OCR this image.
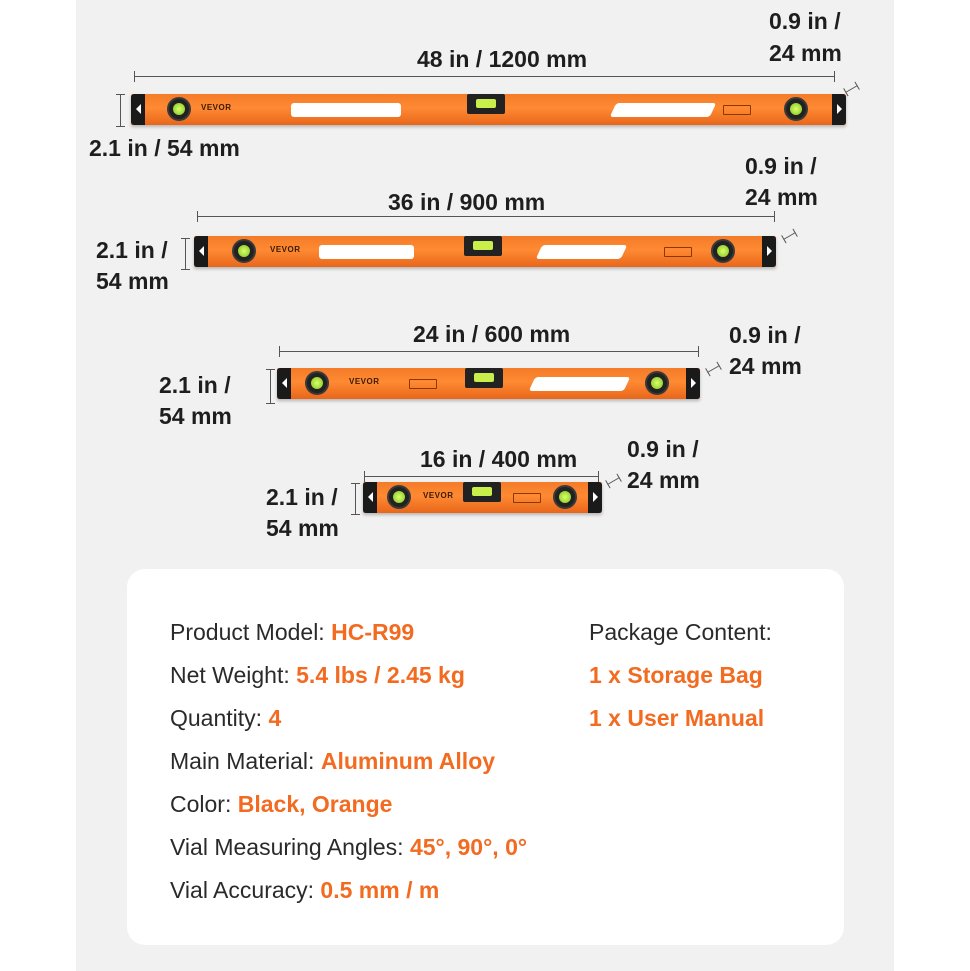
48 in / 1200 mm
0.9 in /
24 mm
2.1 in / 54 mm
VEVOR
36 in / 900 mm
0.9 in /
24 mm
2.1 in /
54 mm
VEVOR
24 in / 600 mm	0.9 in /
24 mm
2.1 in /
54 mm
VEVOR
16 in / 400 mm 0.9 in /
24 mm
2.1 in /
54 mm
VEVOR
Product Model: HC-R99
Net Weight: 5.4 lbs / 2.45 kg
Quantity: 4
Main Material: Aluminum Alloy
Color: Black, Orange
Vial Measuring Angles: 45°, 90°, 0°
Vial Accuracy: 0.5 mm / m
Package Content:
1 x Storage Bag
1 x User Manual
